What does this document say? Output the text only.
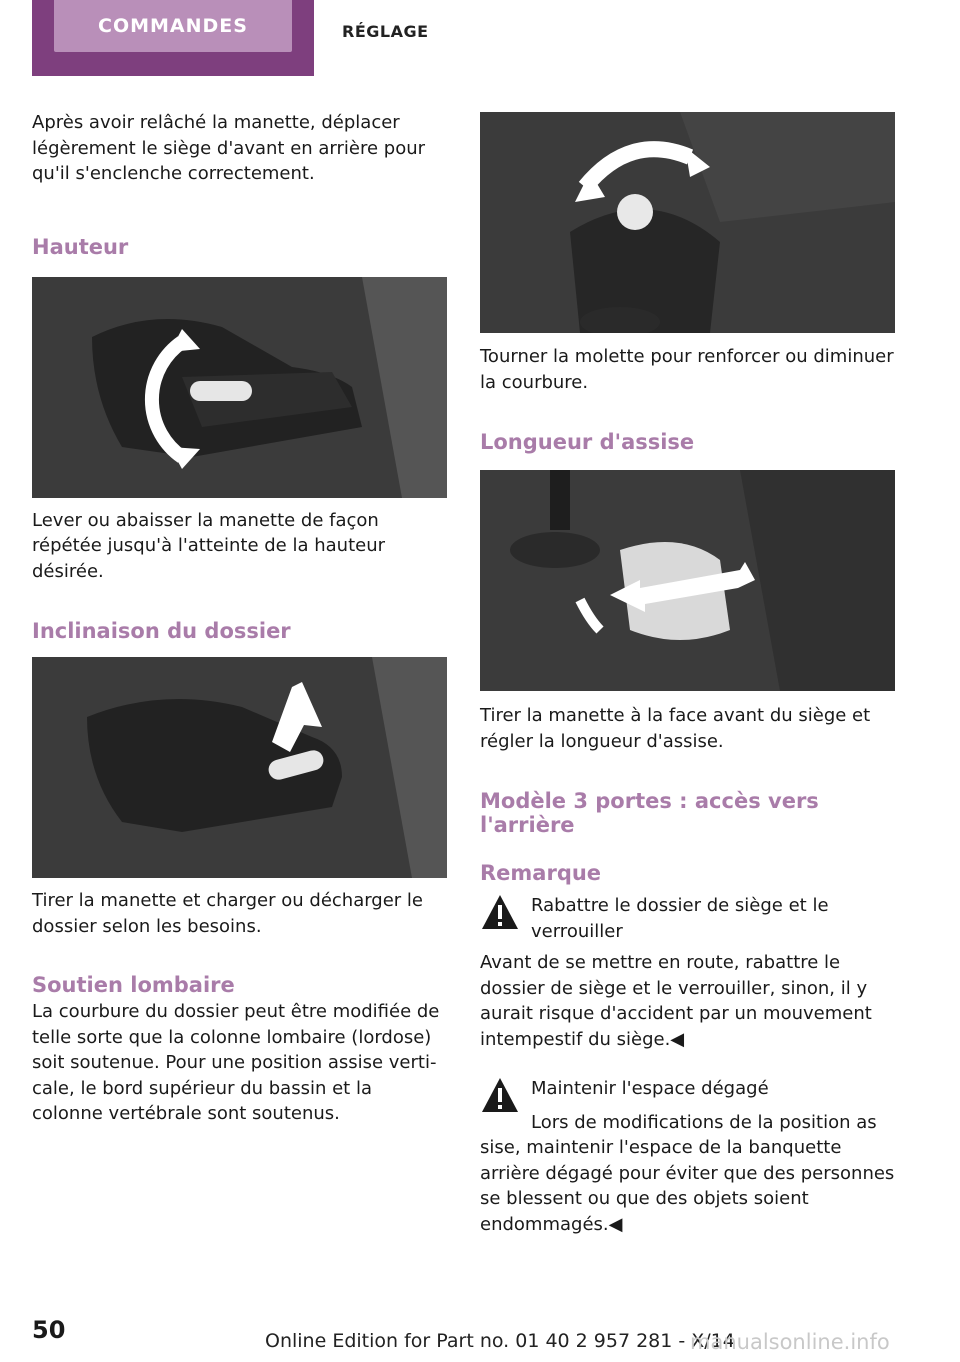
COMMANDES	RÉGLAGE

Après avoir relâché la manette, déplacer légèrement le siège d'avant en arrière pour qu'il s'enclenche correctement.

Hauteur

Lever ou abaisser la manette de façon répétée jusqu'à l'atteinte de la hauteur désirée.

Inclinaison du dossier

Tirer la manette et charger ou décharger le dossier selon les besoins.

Soutien lombaire

La courbure du dossier peut être modifiée de telle sorte que la colonne lombaire (lordose) soit soutenue. Pour une position assise verticale, le bord supérieur du bassin et la colonne vertébrale sont soutenus.

Tourner la molette pour renforcer ou diminuer la courbure.

Longueur d'assise

Tirer la manette à la face avant du siège et régler la longueur d'assise.

Modèle 3 portes : accès vers l'arrière
Remarque

Rabattre le dossier de siège et le verrouiller

Avant de se mettre en route, rabattre le dossier de siège et le verrouiller, sinon, il y aurait risque d'accident par un mouvement intempestif du siège.◀

Maintenir l'espace dégagé

Lors de modifications de la position as

sise, maintenir l'espace de la banquette arrière dégagé pour éviter que des personnes se blessent ou que des objets soient endommagés.◀

50	Online Edition for Part no. 01 40 2 957 281 - X/14
manualsonline.info
